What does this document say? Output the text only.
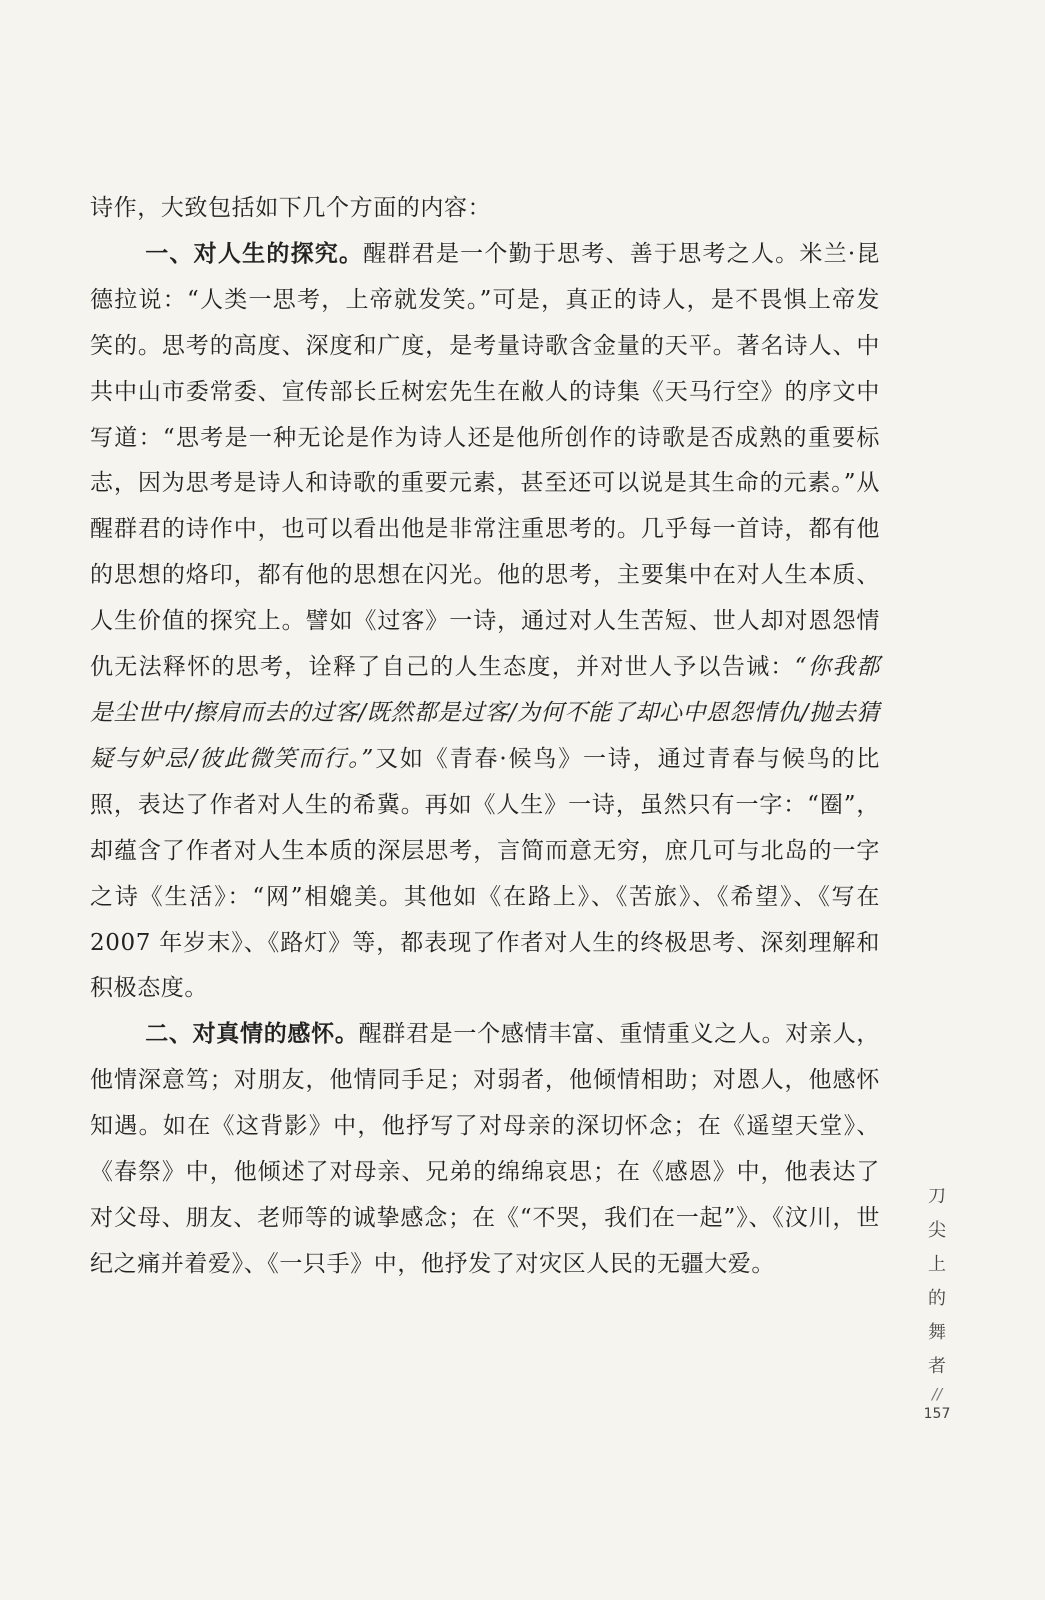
诗作，大致包括如下几个方面的内容：

一、对人生的探究。醒群君是一个勤于思考、善于思考之人。米兰·昆德拉说：“人类一思考，上帝就发笑。”可是，真正的诗人，是不畏惧上帝发笑的。思考的高度、深度和广度，是考量诗歌含金量的天平。著名诗人、中共中山市委常委、宣传部长丘树宏先生在敝人的诗集《天马行空》的序文中写道：“思考是一种无论是作为诗人还是他所创作的诗歌是否成熟的重要标志，因为思考是诗人和诗歌的重要元素，甚至还可以说是其生命的元素。”从醒群君的诗作中，也可以看出他是非常注重思考的。几乎每一首诗，都有他的思想的烙印，都有他的思想在闪光。他的思考，主要集中在对人生本质、人生价值的探究上。譬如《过客》一诗，通过对人生苦短、世人却对恩怨情仇无法释怀的思考，诠释了自己的人生态度，并对世人予以告诫：“你我都是尘世中/擦肩而去的过客/既然都是过客/为何不能了却心中恩怨情仇/抛去猜疑与妒忌/彼此微笑而行。”又如《青春·候鸟》一诗，通过青春与候鸟的比照，表达了作者对人生的希冀。再如《人生》一诗，虽然只有一字：“圈”，却蕴含了作者对人生本质的深层思考，言简而意无穷，庶几可与北岛的一字之诗《生活》：“网”相媲美。其他如《在路上》、《苦旅》、《希望》、《写在 2007 年岁末》、《路灯》等，都表现了作者对人生的终极思考、深刻理解和积极态度。

二、对真情的感怀。醒群君是一个感情丰富、重情重义之人。对亲人，他情深意笃；对朋友，他情同手足；对弱者，他倾情相助；对恩人，他感怀知遇。如在《这背影》中，他抒写了对母亲的深切怀念；在《遥望天堂》、《春祭》中，他倾述了对母亲、兄弟的绵绵哀思；在《感恩》中，他表达了对父母、朋友、老师等的诚挚感念；在《“不哭，我们在一起”》、《汶川，世纪之痛并着爱》、《一只手》中，他抒发了对灾区人民的无疆大爱。

刀
尖
上
的
舞
者
//
157
